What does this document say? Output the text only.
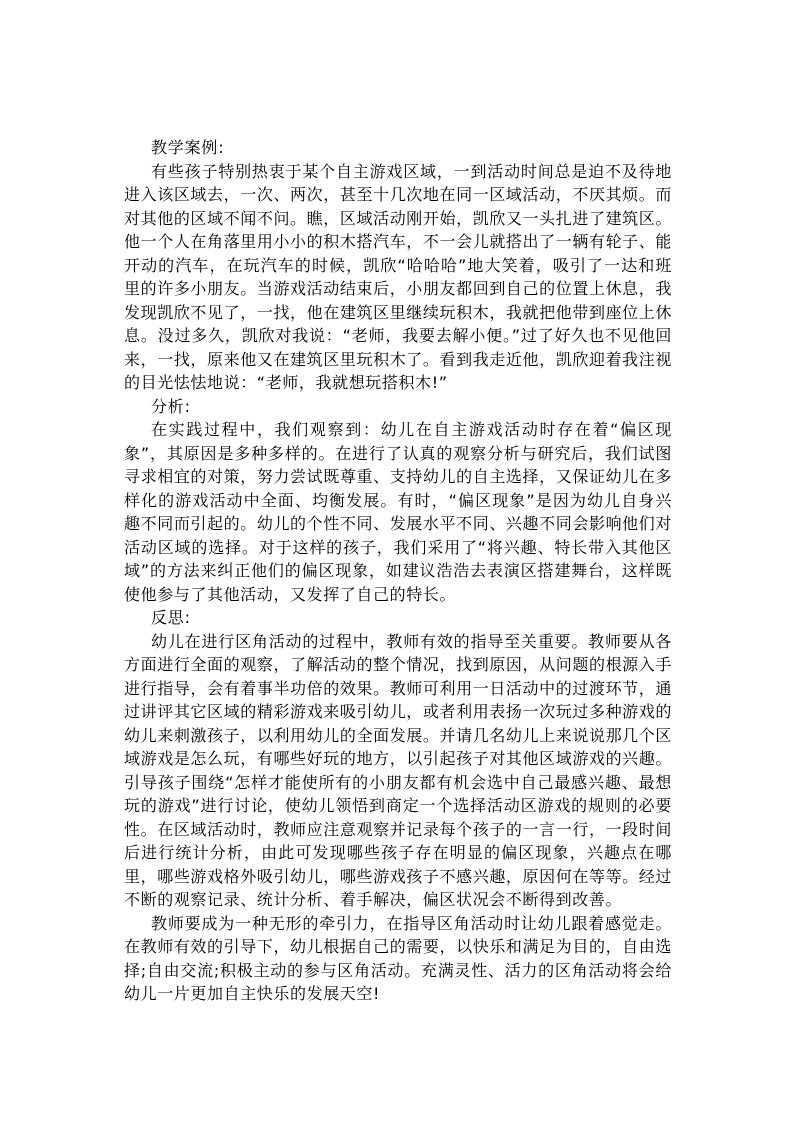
教学案例:

有些孩子特别热衷于某个自主游戏区域，一到活动时间总是迫不及待地进入该区域去，一次、两次，甚至十几次地在同一区域活动，不厌其烦。而对其他的区域不闻不问。瞧，区域活动刚开始，凯欣又一头扎进了建筑区。他一个人在角落里用小小的积木搭汽车，不一会儿就搭出了一辆有轮子、能开动的汽车，在玩汽车的时候，凯欣“哈哈哈”地大笑着，吸引了一达和班里的许多小朋友。当游戏活动结束后，小朋友都回到自己的位置上休息，我发现凯欣不见了，一找，他在建筑区里继续玩积木，我就把他带到座位上休息。没过多久，凯欣对我说：“老师，我要去解小便。”过了好久也不见他回来，一找，原来他又在建筑区里玩积木了。看到我走近他，凯欣迎着我注视的目光怯怯地说：“老师，我就想玩搭积木!”

分析:

在实践过程中，我们观察到：幼儿在自主游戏活动时存在着“偏区现象”，其原因是多种多样的。在进行了认真的观察分析与研究后，我们试图寻求相宜的对策，努力尝试既尊重、支持幼儿的自主选择，又保证幼儿在多样化的游戏活动中全面、均衡发展。有时，“偏区现象”是因为幼儿自身兴趣不同而引起的。幼儿的个性不同、发展水平不同、兴趣不同会影响他们对活动区域的选择。对于这样的孩子，我们采用了“将兴趣、特长带入其他区域”的方法来纠正他们的偏区现象，如建议浩浩去表演区搭建舞台，这样既使他参与了其他活动，又发挥了自己的特长。

反思:

幼儿在进行区角活动的过程中，教师有效的指导至关重要。教师要从各方面进行全面的观察，了解活动的整个情况，找到原因，从问题的根源入手进行指导，会有着事半功倍的效果。教师可利用一日活动中的过渡环节，通过讲评其它区域的精彩游戏来吸引幼儿，或者利用表扬一次玩过多种游戏的幼儿来刺激孩子，以利用幼儿的全面发展。并请几名幼儿上来说说那几个区域游戏是怎么玩，有哪些好玩的地方，以引起孩子对其他区域游戏的兴趣。引导孩子围绕“怎样才能使所有的小朋友都有机会选中自己最感兴趣、最想玩的游戏”进行讨论，使幼儿领悟到商定一个选择活动区游戏的规则的必要性。在区域活动时，教师应注意观察并记录每个孩子的一言一行，一段时间后进行统计分析，由此可发现哪些孩子存在明显的偏区现象，兴趣点在哪里，哪些游戏格外吸引幼儿，哪些游戏孩子不感兴趣，原因何在等等。经过不断的观察记录、统计分析、着手解决，偏区状况会不断得到改善。

教师要成为一种无形的牵引力，在指导区角活动时让幼儿跟着感觉走。在教师有效的引导下，幼儿根据自己的需要，以快乐和满足为目的，自由选择;自由交流;积极主动的参与区角活动。充满灵性、活力的区角活动将会给幼儿一片更加自主快乐的发展天空!
